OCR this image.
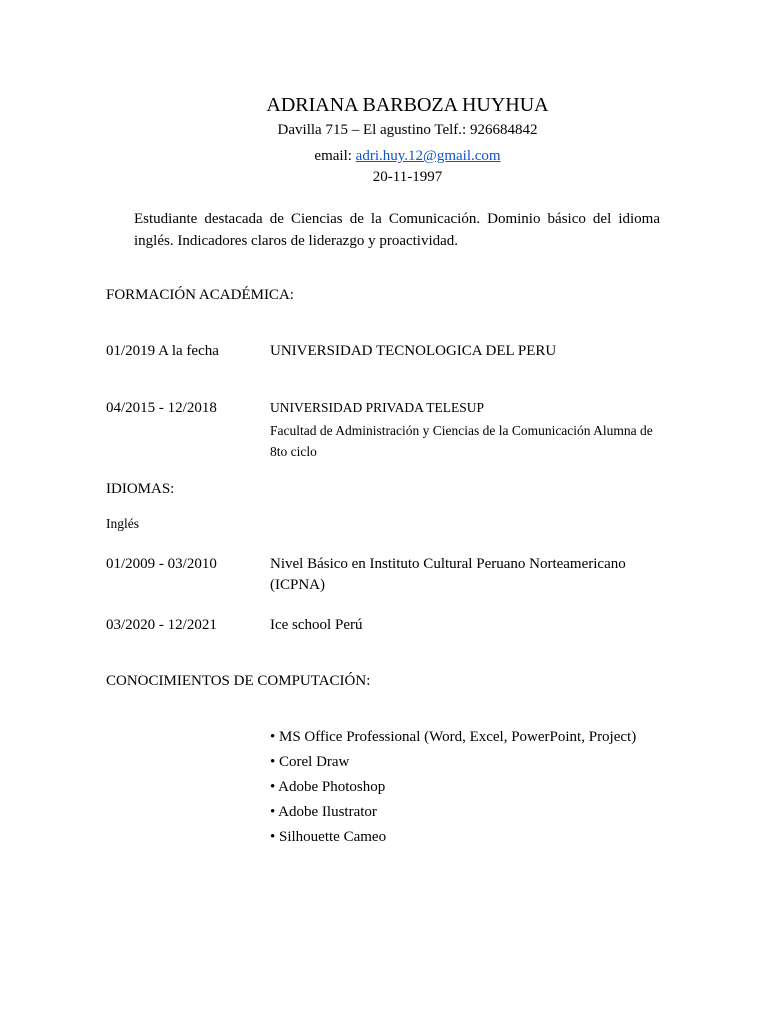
ADRIANA BARBOZA HUYHUA
Davilla 715 – El agustino Telf.: 926684842
email: adri.huy.12@gmail.com
20-11-1997
Estudiante destacada de Ciencias de la Comunicación. Dominio básico del idioma inglés. Indicadores claros de liderazgo y proactividad.
FORMACIÓN ACADÉMICA:
01/2019 A la fecha	UNIVERSIDAD TECNOLOGICA DEL PERU
04/2015 - 12/2018	UNIVERSIDAD PRIVADA TELESUP
Facultad de Administración y Ciencias de la Comunicación Alumna de 8to ciclo
IDIOMAS:
Inglés
01/2009 - 03/2010	Nivel Básico en Instituto Cultural Peruano Norteamericano (ICPNA)
03/2020 - 12/2021	Ice school Perú
CONOCIMIENTOS DE COMPUTACIÓN:
• MS Office Professional (Word, Excel, PowerPoint, Project)
• Corel Draw
• Adobe Photoshop
• Adobe Ilustrator
• Silhouette Cameo
